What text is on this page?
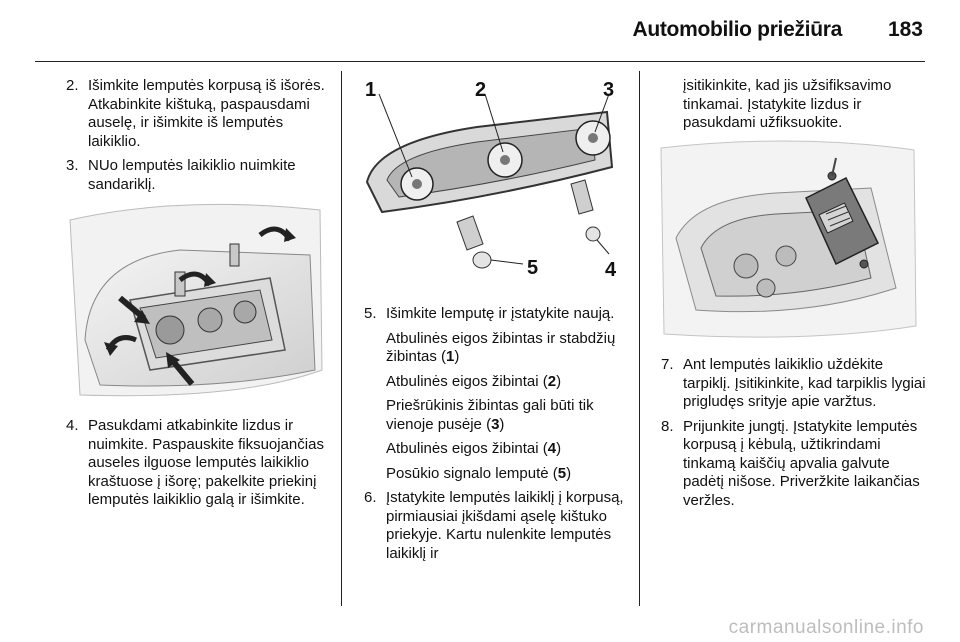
Automobilio priežiūra 183
2. Išimkite lemputės korpusą iš išorės. Atkabinkite kištuką, paspausdami auselę, ir išimkite iš lemputės laikiklio.
3. NUo lemputės laikiklio nuimkite sandariklį.
4. Pasukdami atkabinkite lizdus ir nuimkite. Paspauskite fiksuojančias auseles ilguose lemputės laikiklio kraštuose į išorę; pakelkite priekinį lemputės laikiklio galą ir išimkite.
1	2	3
4
5
5. Išimkite lemputę ir įstatykite naują.
Atbulinės eigos žibintas ir stabdžių žibintas (1)
Atbulinės eigos žibintai (2)
Priešrūkinis žibintas gali būti tik vienoje pusėje (3)
Atbulinės eigos žibintai (4)
Posūkio signalo lemputė (5)
6. Įstatykite lemputės laikiklį į korpusą, pirmiausiai įkišdami ąselę kištuko priekyje. Kartu nulenkite lemputės laikiklį ir
įsitikinkite, kad jis užsifiksavimo tinkamai. Įstatykite lizdus ir pasukdami užfiksuokite.
7. Ant lemputės laikiklio uždėkite tarpiklį. Įsitikinkite, kad tarpiklis lygiai prigludęs srityje apie varžtus.
8. Prijunkite jungtį. Įstatykite lemputės korpusą į kėbulą, užtikrindami tinkamą kaiščių apvalia galvute padėtį nišose. Priveržkite laikančias veržles.
carmanualsonline.info
